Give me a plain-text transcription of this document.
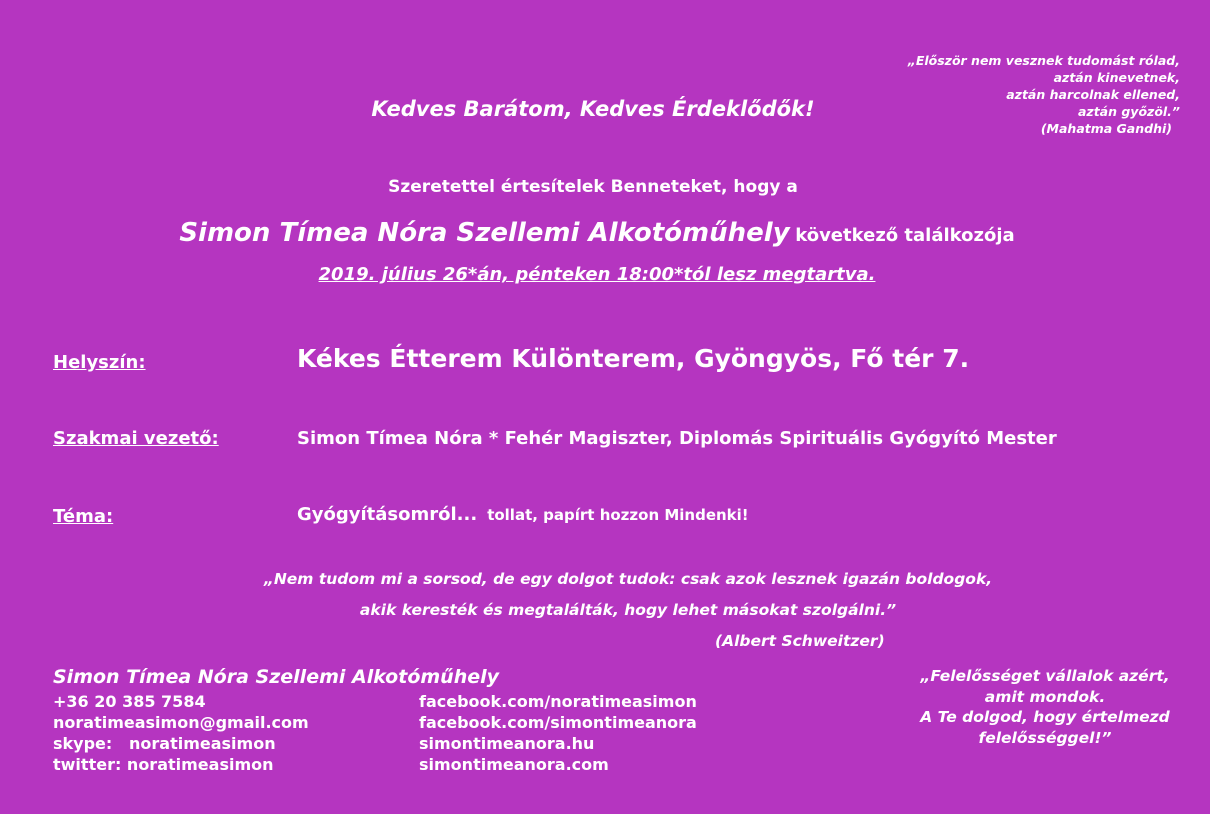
„Először nem vesznek tudomást rólad,
aztán kinevetnek,
aztán harcolnak ellened,
aztán győzöl.”
(Mahatma Gandhi)
Kedves Barátom, Kedves Érdeklődők!
Szeretettel értesítelek Benneteket, hogy a
Simon Tímea Nóra Szellemi Alkotóműhely következő találkozója
2019. július 26*án, pénteken 18:00*tól lesz megtartva.
Helyszín:	Kékes Étterem Különterem, Gyöngyös, Fő tér 7.
Szakmai vezető:	Simon Tímea Nóra * Fehér Magiszter, Diplomás Spirituális Gyógyító Mester
Téma:	Gyógyításomról... tollat, papírt hozzon Mindenki!
„Nem tudom mi a sorsod, de egy dolgot tudok: csak azok lesznek igazán boldogok,
akik keresték és megtalálták, hogy lehet másokat szolgálni.”
(Albert Schweitzer)
Simon Tímea Nóra Szellemi Alkotóműhely
+36 20 385 7584
noratimeasimon@gmail.com
skype:   noratimeasimon
twitter: noratimeasimon
facebook.com/noratimeasimon
facebook.com/simontimeanora
simontimeanora.hu
simontimeanora.com
„Felelősséget vállalok azért,
amit mondok.
A Te dolgod, hogy értelmezd
felelősséggel!”
